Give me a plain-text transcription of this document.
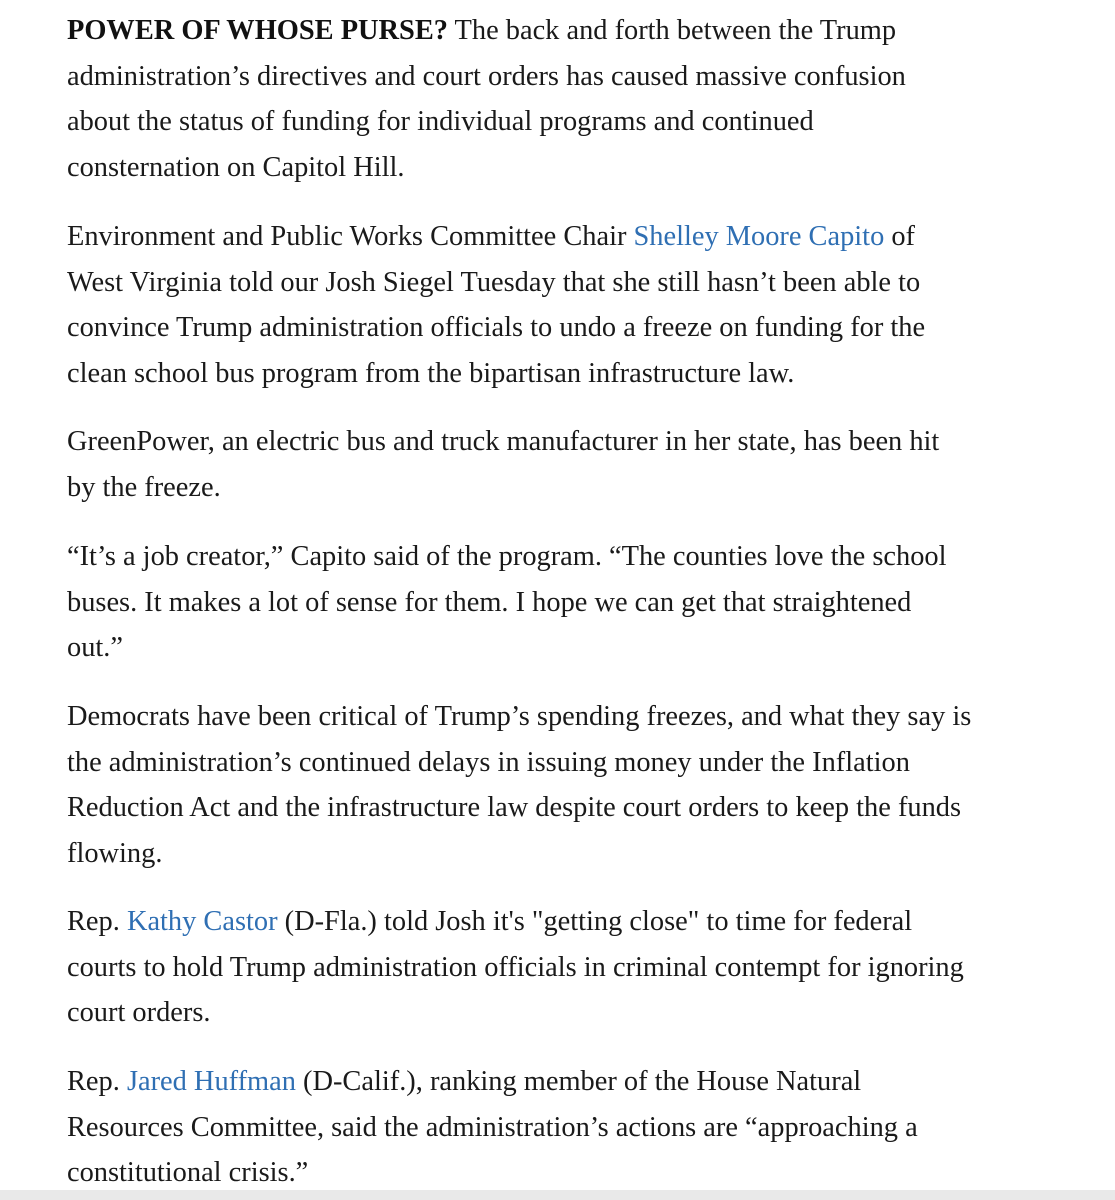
POWER OF WHOSE PURSE? The back and forth between the Trump
administration’s directives and court orders has caused massive confusion
about the status of funding for individual programs and continued
consternation on Capitol Hill.

Environment and Public Works Committee Chair Shelley Moore Capito of
West Virginia told our Josh Siegel Tuesday that she still hasn’t been able to
convince Trump administration officials to undo a freeze on funding for the
clean school bus program from the bipartisan infrastructure law.

GreenPower, an electric bus and truck manufacturer in her state, has been hit
by the freeze.

“It’s a job creator,” Capito said of the program. “The counties love the school
buses. It makes a lot of sense for them. I hope we can get that straightened
out.”

Democrats have been critical of Trump’s spending freezes, and what they say is
the administration’s continued delays in issuing money under the Inflation
Reduction Act and the infrastructure law despite court orders to keep the funds
flowing.

Rep. Kathy Castor (D-Fla.) told Josh it's "getting close" to time for federal
courts to hold Trump administration officials in criminal contempt for ignoring
court orders.

Rep. Jared Huffman (D-Calif.), ranking member of the House Natural
Resources Committee, said the administration’s actions are “approaching a
constitutional crisis.”
